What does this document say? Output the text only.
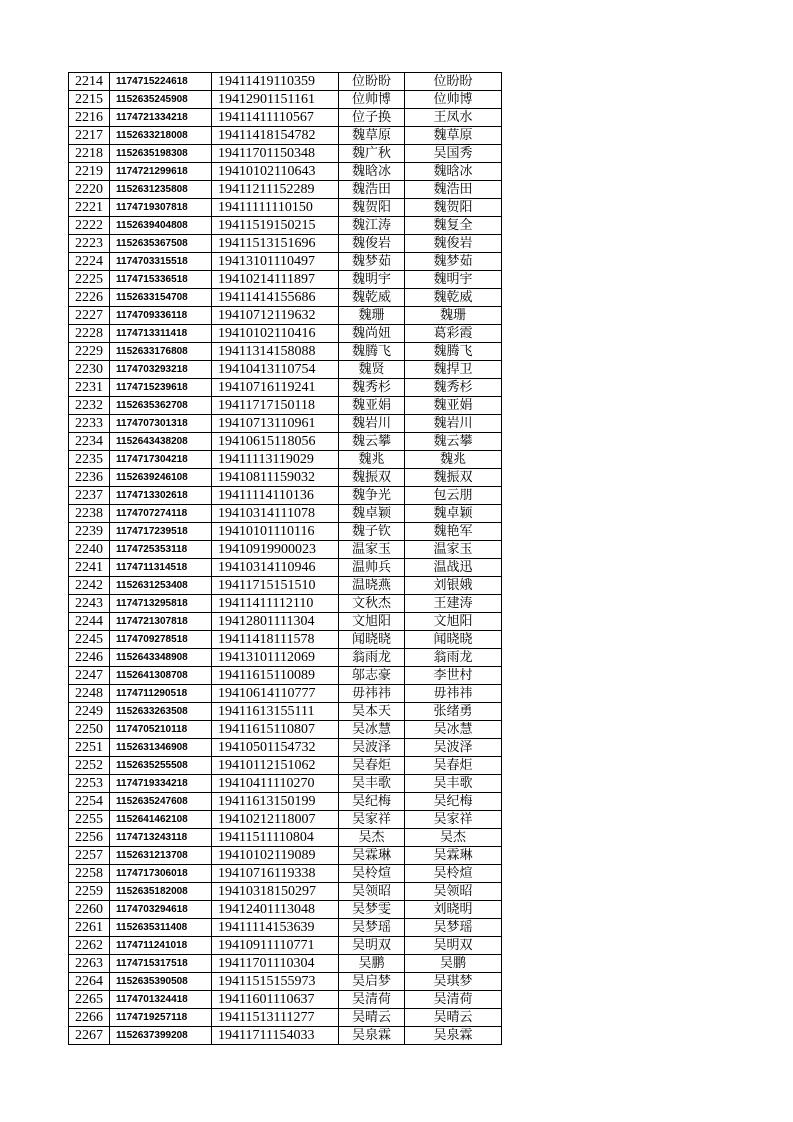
2214	1174715224618	19411419110359	位盼盼	位盼盼
2215	1152635245908	19412901151161	位帅博	位帅博
2216	1174721334218	19411411110567	位子换	王凤水
2217	1152633218008	19411418154782	魏草原	魏草原
2218	1152635198308	19411701150348	魏广秋	吴国秀
2219	1174721299618	19410102110643	魏晗冰	魏晗冰
2220	1152631235808	19411211152289	魏浩田	魏浩田
2221	1174719307818	19411111110150	魏贺阳	魏贺阳
2222	1152639404808	19411519150215	魏江涛	魏复全
2223	1152635367508	19411513151696	魏俊岩	魏俊岩
2224	1174703315518	19413101110497	魏梦茹	魏梦茹
2225	1174715336518	19410214111897	魏明宇	魏明宇
2226	1152633154708	19411414155686	魏乾威	魏乾威
2227	1174709336118	19410712119632	魏珊	魏珊
2228	1174713311418	19410102110416	魏尚妞	葛彩霞
2229	1152633176808	19411314158088	魏腾飞	魏腾飞
2230	1174703293218	19410413110754	魏贤	魏捍卫
2231	1174715239618	19410716119241	魏秀杉	魏秀杉
2232	1152635362708	19411717150118	魏亚娟	魏亚娟
2233	1174707301318	19410713110961	魏岩川	魏岩川
2234	1152643438208	19410615118056	魏云攀	魏云攀
2235	1174717304218	19411113119029	魏兆	魏兆
2236	1152639246108	19410811159032	魏振双	魏振双
2237	1174713302618	19411114110136	魏争光	包云朋
2238	1174707274118	19410314111078	魏卓颖	魏卓颖
2239	1174717239518	19410101110116	魏子钦	魏艳军
2240	1174725353118	19410919900023	温家玉	温家玉
2241	1174711314518	19410314110946	温帅兵	温战迅
2242	1152631253408	19411715151510	温晓燕	刘银娥
2243	1174713295818	19411411112110	文秋杰	王建涛
2244	1174721307818	19412801111304	文旭阳	文旭阳
2245	1174709278518	19411418111578	闻晓晓	闻晓晓
2246	1152643348908	19413101112069	翁雨龙	翁雨龙
2247	1152641308708	19411615110089	邬志豪	李世村
2248	1174711290518	19410614110777	毋祎祎	毋祎祎
2249	1152633263508	19411613155111	吴本天	张绪勇
2250	1174705210118	19411615110807	吴冰慧	吴冰慧
2251	1152631346908	19410501154732	吴波泽	吴波泽
2252	1152635255508	19410112151062	吴春炬	吴春炬
2253	1174719334218	19410411110270	吴丰歌	吴丰歌
2254	1152635247608	19411613150199	吴纪梅	吴纪梅
2255	1152641462108	19410212118007	吴家祥	吴家祥
2256	1174713243118	19411511110804	吴杰	吴杰
2257	1152631213708	19410102119089	吴霖琳	吴霖琳
2258	1174717306018	19410716119338	吴柃煊	吴柃煊
2259	1152635182008	19410318150297	吴领昭	吴领昭
2260	1174703294618	19412401113048	吴梦雯	刘晓明
2261	1152635311408	19411114153639	吴梦瑶	吴梦瑶
2262	1174711241018	19410911110771	吴明双	吴明双
2263	1174715317518	19411701110304	吴鹏	吴鹏
2264	1152635390508	19411515155973	吴启梦	吴琪梦
2265	1174701324418	19411601110637	吴清荷	吴清荷
2266	1174719257118	19411513111277	吴晴云	吴晴云
2267	1152637399208	19411711154033	吴泉霖	吴泉霖
